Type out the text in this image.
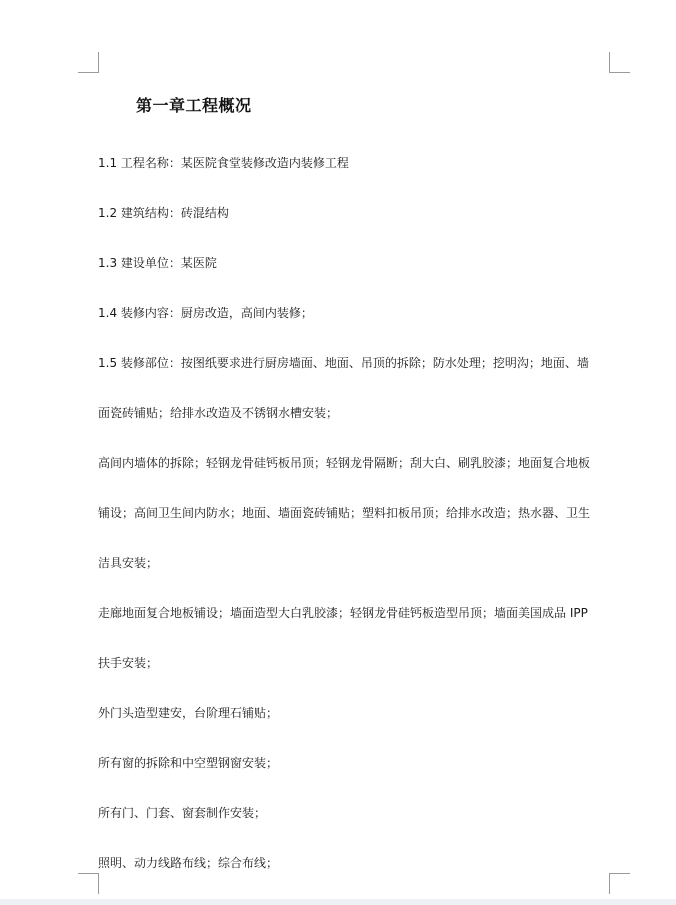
第一章工程概况
1.1 工程名称：某医院食堂装修改造内装修工程
1.2 建筑结构：砖混结构
1.3 建设单位：某医院
1.4 装修内容：厨房改造，高间内装修；
1.5 装修部位：按图纸要求进行厨房墙面、地面、吊顶的拆除；防水处理；挖明沟；地面、墙
面瓷砖铺贴；给排水改造及不锈钢水槽安装；
高间内墙体的拆除；轻钢龙骨硅钙板吊顶；轻钢龙骨隔断；刮大白、刷乳胶漆；地面复合地板
铺设；高间卫生间内防水；地面、墙面瓷砖铺贴；塑料扣板吊顶；给排水改造；热水器、卫生
洁具安装；
走廊地面复合地板铺设；墙面造型大白乳胶漆；轻钢龙骨硅钙板造型吊顶；墙面美国成品 IPP
扶手安装；
外门头造型建安，台阶理石铺贴；
所有窗的拆除和中空塑钢窗安装；
所有门、门套、窗套制作安装；
照明、动力线路布线；综合布线；
